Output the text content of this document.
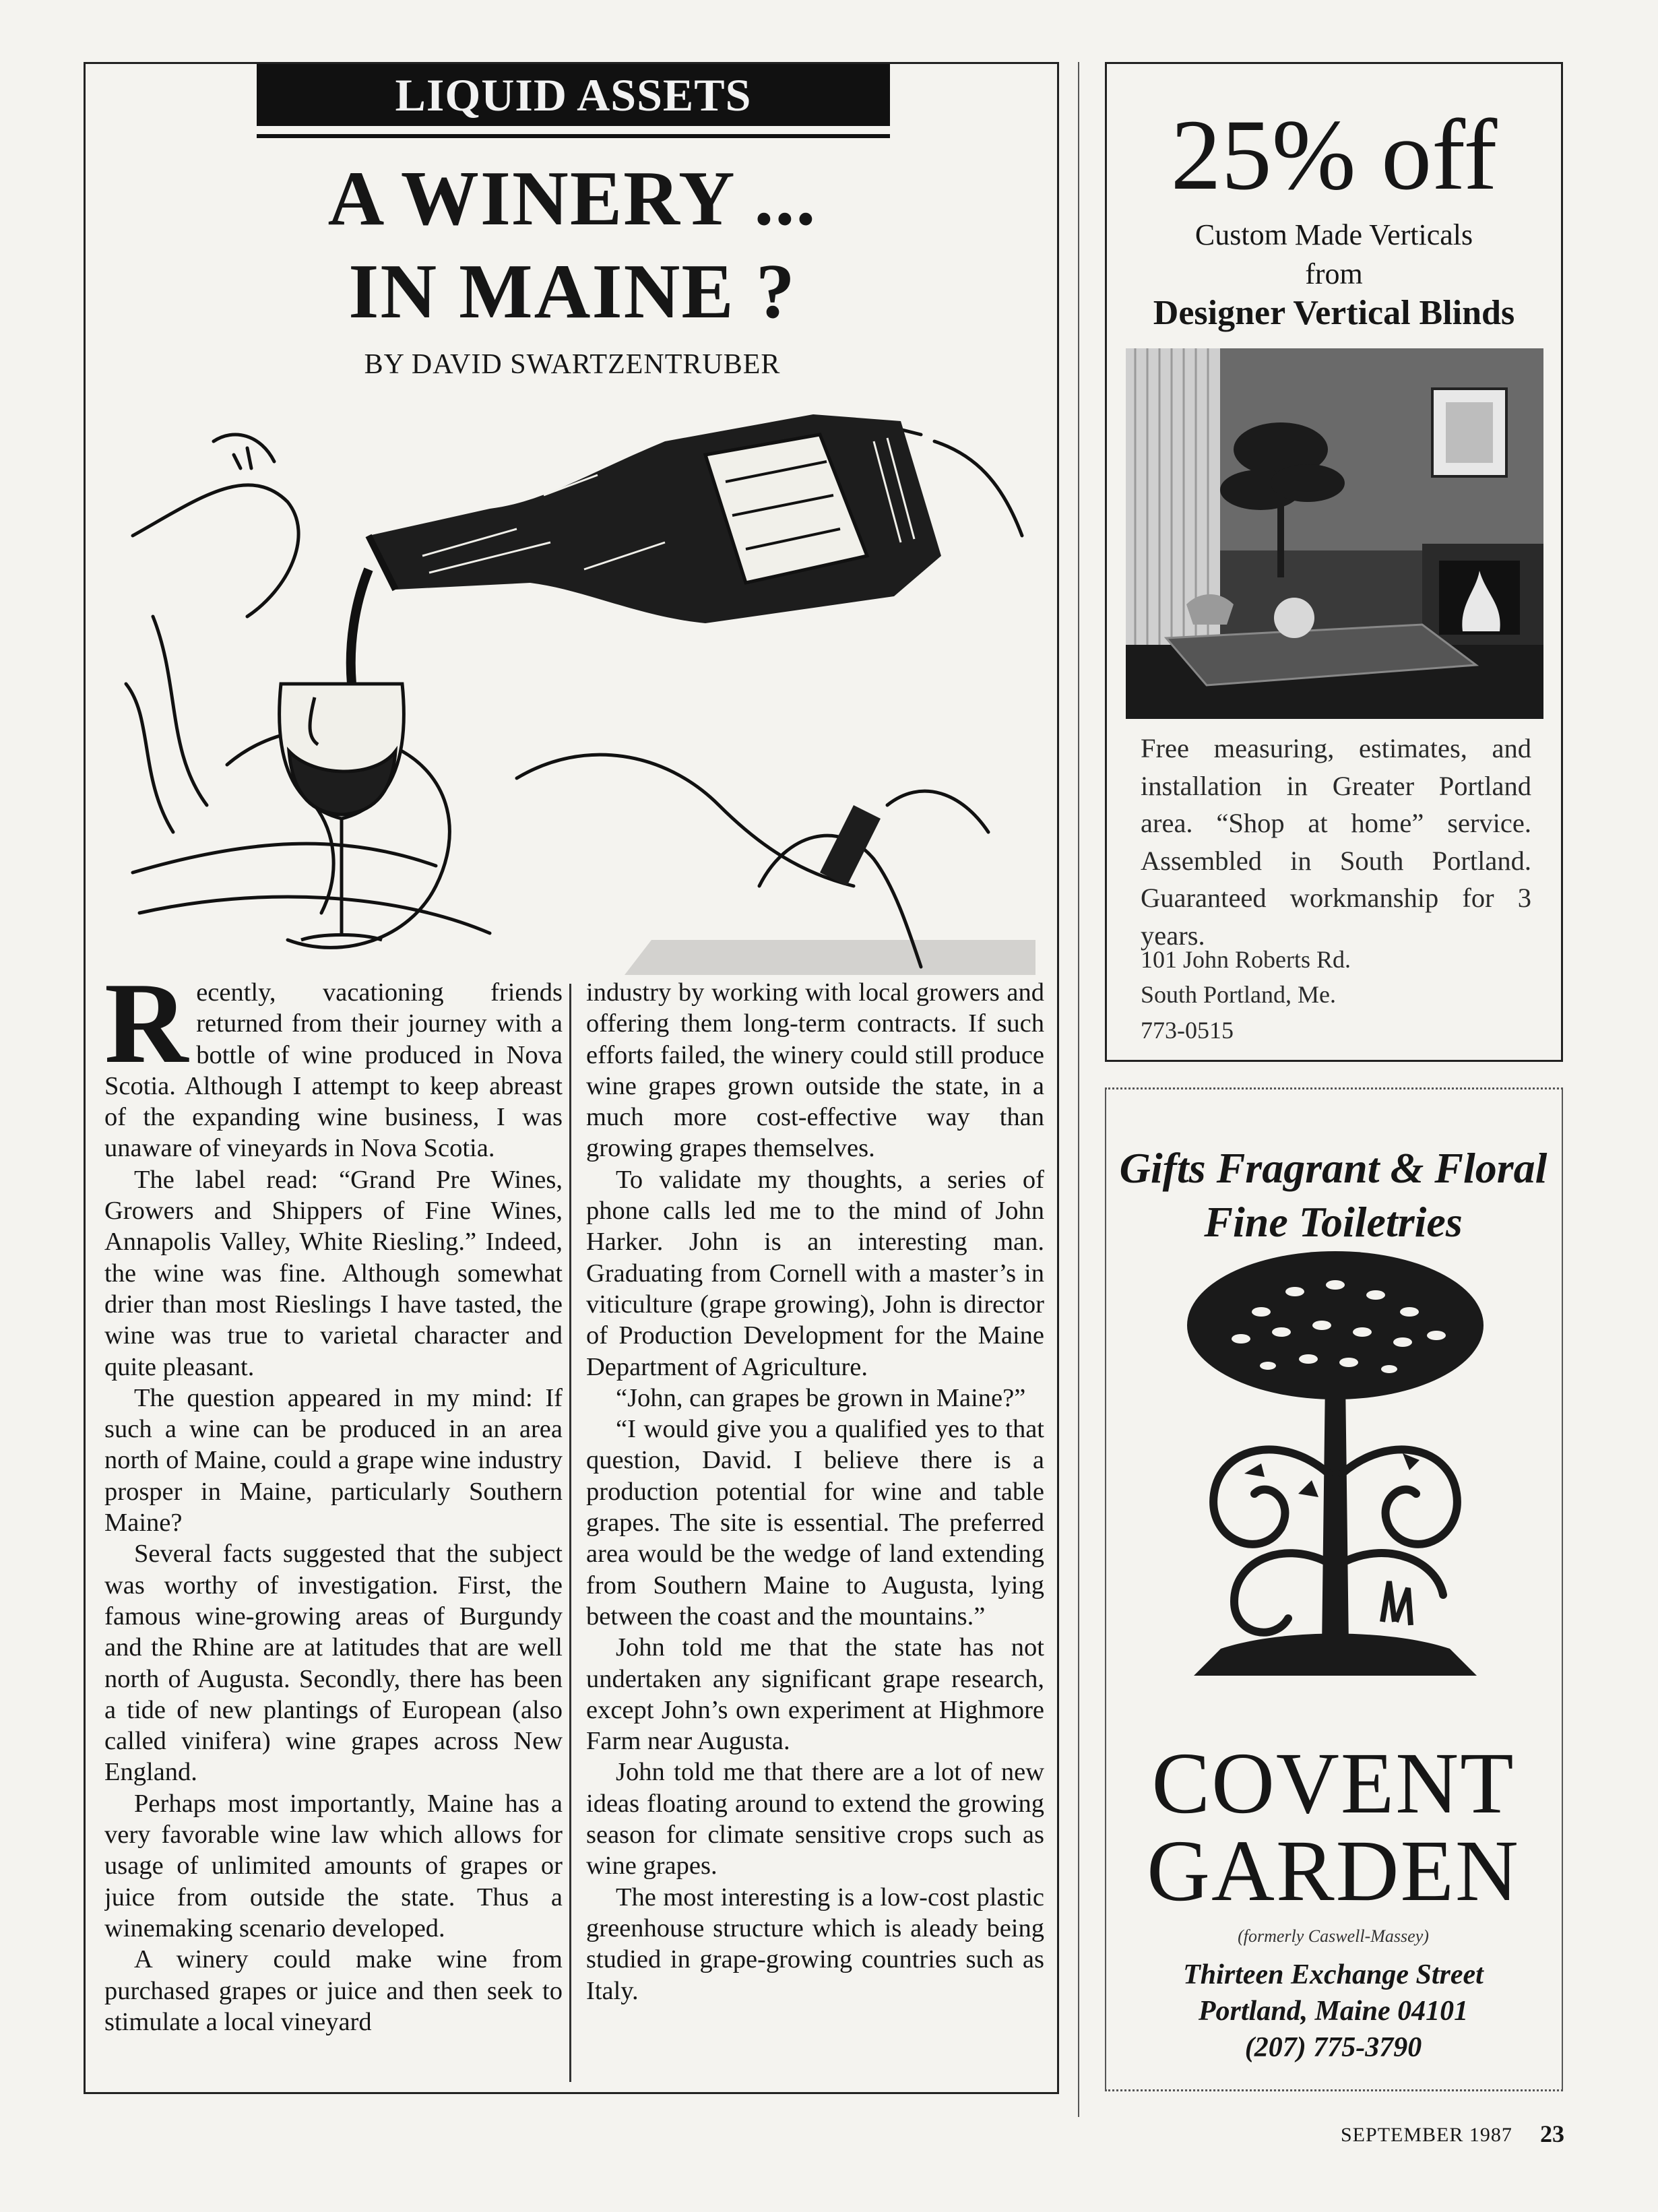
LIQUID ASSETS
A WINERY ...
IN MAINE ?
BY DAVID SWARTZENTRUBER

Recently, vacationing friends returned from their journey with a bottle of wine produced in Nova Scotia. Although I attempt to keep abreast of the expanding wine business, I was unaware of vineyards in Nova Scotia.

The label read: “Grand Pre Wines, Growers and Shippers of Fine Wines, Annapolis Valley, White Riesling.” Indeed, the wine was fine. Although somewhat drier than most Rieslings I have tasted, the wine was true to varietal character and quite pleasant.

The question appeared in my mind: If such a wine can be produced in an area north of Maine, could a grape wine industry prosper in Maine, particularly Southern Maine?

Several facts suggested that the subject was worthy of investigation. First, the famous wine-growing areas of Burgundy and the Rhine are at latitudes that are well north of Augusta. Secondly, there has been a tide of new plantings of European (also called vinifera) wine grapes across New England.

Perhaps most importantly, Maine has a very favorable wine law which allows for usage of unlimited amounts of grapes or juice from outside the state. Thus a winemaking scenario developed.

A winery could make wine from purchased grapes or juice and then seek to stimulate a local vineyard

industry by working with local growers and offering them long-term contracts. If such efforts failed, the winery could still produce wine grapes grown outside the state, in a much more cost-effective way than growing grapes themselves.

To validate my thoughts, a series of phone calls led me to the mind of John Harker. John is an interesting man. Graduating from Cornell with a master’s in viticulture (grape growing), John is director of Production Development for the Maine Department of Agriculture.

“John, can grapes be grown in Maine?”

“I would give you a qualified yes to that question, David. I believe there is a production potential for wine and table grapes. The site is essential. The preferred area would be the wedge of land extending from Southern Maine to Augusta, lying between the coast and the mountains.”

John told me that the state has not undertaken any significant grape research, except John’s own experiment at Highmore Farm near Augusta.

John told me that there are a lot of new ideas floating around to extend the growing season for climate sensitive crops such as wine grapes.

The most interesting is a low-cost plastic greenhouse structure which is aleady being studied in grape-growing countries such as Italy.

25% off
Custom Made Verticals
from
Designer Vertical Blinds
Free measuring, estimates, and installation in Greater Portland area. “Shop at home” service. Assembled in South Portland. Guaranteed workmanship for 3 years.
101 John Roberts Rd.
South Portland, Me.
773-0515
Gifts Fragrant & Floral
Fine Toiletries
COVENT
GARDEN
(formerly Caswell-Massey)
Thirteen Exchange Street
Portland, Maine 04101
(207) 775-3790
SEPTEMBER 1987 23
